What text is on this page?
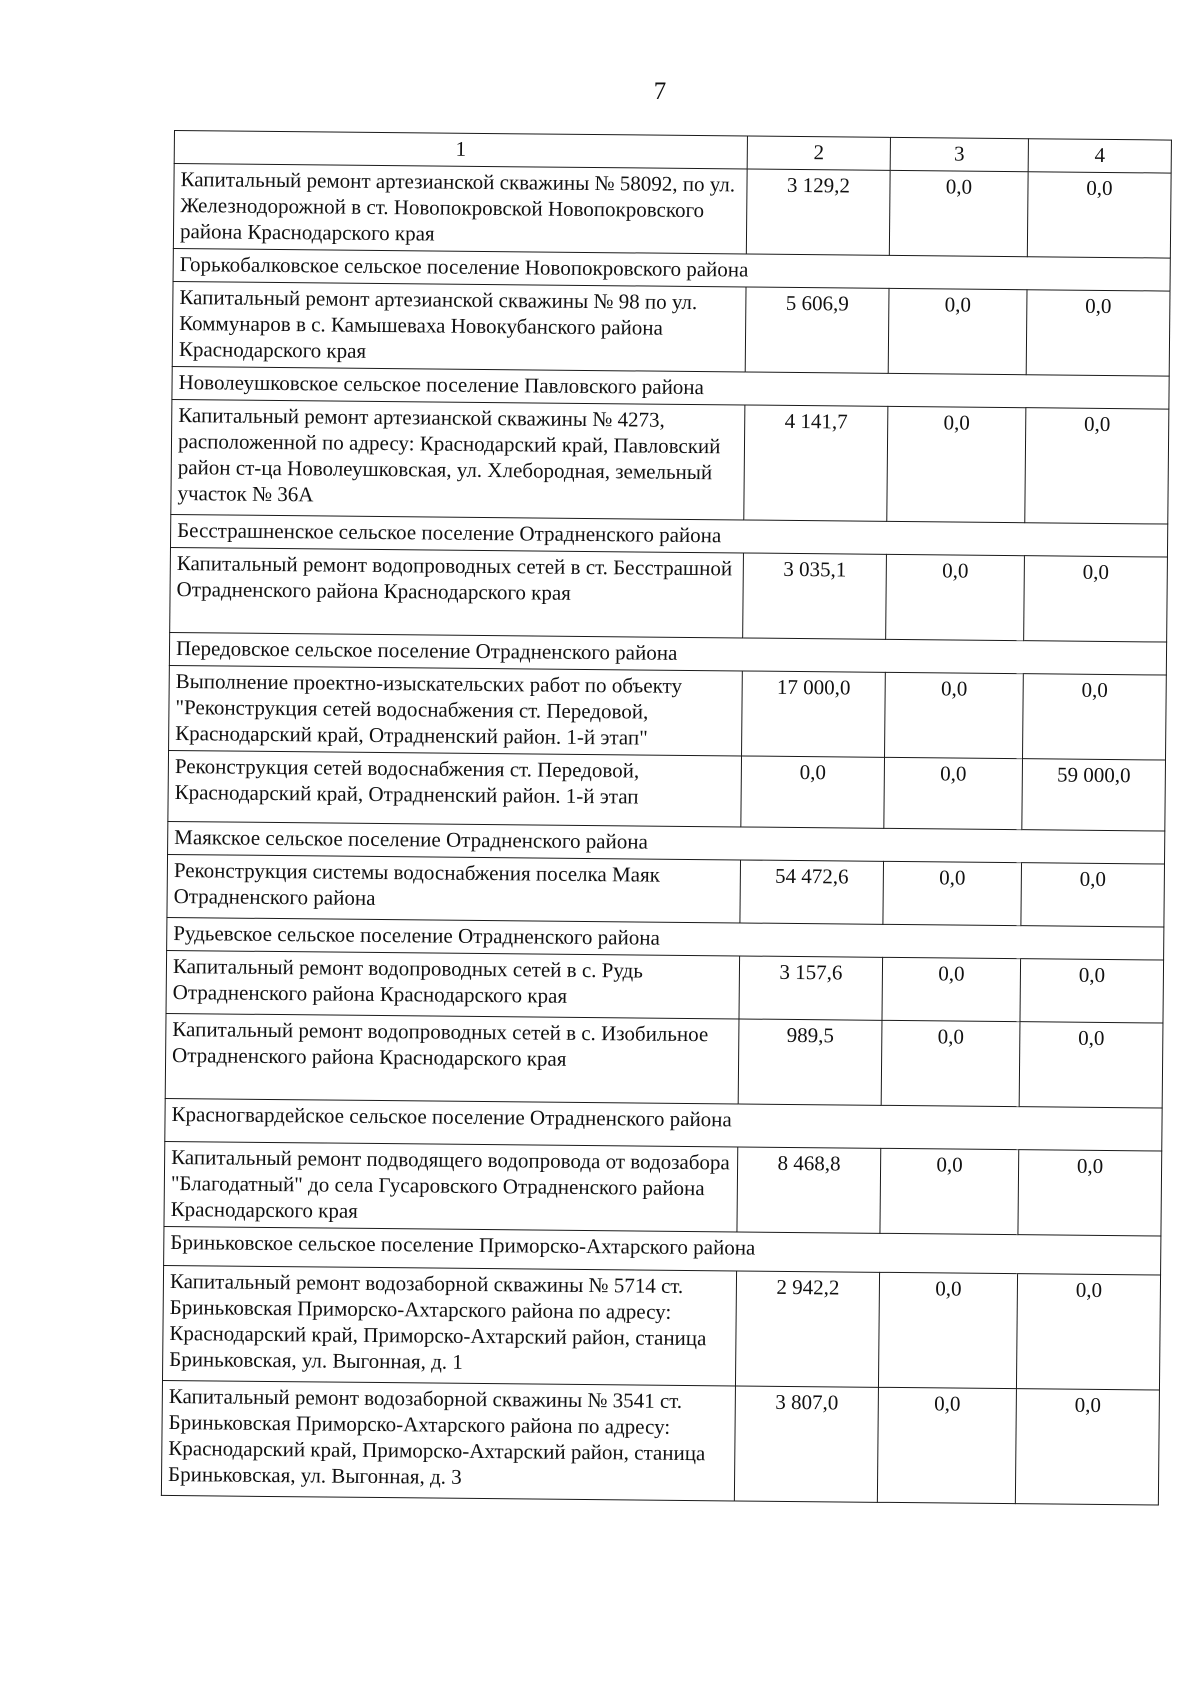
7
1	2	3	4
Капитальный ремонт артезианской скважины № 58092, по ул. Железнодорожной в ст. Новопокровской Новопокровского района Краснодарского края	3 129,2	0,0	0,0
Горькобалковское сельское поселение Новопокровского района			
Капитальный ремонт артезианской скважины № 98 по ул. Коммунаров в с. Камышеваха Новокубанского района Краснодарского края	5 606,9	0,0	0,0
Новолеушковское сельское поселение Павловского района			
Капитальный ремонт артезианской скважины № 4273, расположенной по адресу: Краснодарский край, Павловский район ст-ца Новолеушковская, ул. Хлебородная, земельный участок № 36А	4 141,7	0,0	0,0
Бесстрашненское сельское поселение Отрадненского района			
Капитальный ремонт водопроводных сетей в ст. Бесстрашной Отрадненского района Краснодарского края	3 035,1	0,0	0,0
Передовское сельское поселение Отрадненского района			
Выполнение проектно-изыскательских работ по объекту "Реконструкция сетей водоснабжения ст. Передовой, Краснодарский край, Отрадненский район. 1-й этап"	17 000,0	0,0	0,0
Реконструкция сетей водоснабжения ст. Передовой, Краснодарский край, Отрадненский район. 1-й этап	0,0	0,0	59 000,0
Маякское сельское поселение Отрадненского района			
Реконструкция системы водоснабжения поселка Маяк Отрадненского района	54 472,6	0,0	0,0
Рудьевское сельское поселение Отрадненского района			
Капитальный ремонт водопроводных сетей в с. Рудь Отрадненского района Краснодарского края	3 157,6	0,0	0,0
Капитальный ремонт водопроводных сетей в с. Изобильное Отрадненского района Краснодарского края	989,5	0,0	0,0
Красногвардейское сельское поселение Отрадненского района			
Капитальный ремонт подводящего водопровода от водозабора "Благодатный" до села Гусаровского Отрадненского района Краснодарского края	8 468,8	0,0	0,0
Бриньковское сельское поселение Приморско-Ахтарского района			
Капитальный ремонт водозаборной скважины № 5714 ст. Бриньковская Приморско-Ахтарского района по адресу: Краснодарский край, Приморско-Ахтарский район, станица Бриньковская, ул. Выгонная, д. 1	2 942,2	0,0	0,0
Капитальный ремонт водозаборной скважины № 3541 ст. Бриньковская Приморско-Ахтарского района по адресу: Краснодарский край, Приморско-Ахтарский район, станица Бриньковская, ул. Выгонная, д. 3	3 807,0	0,0	0,0
